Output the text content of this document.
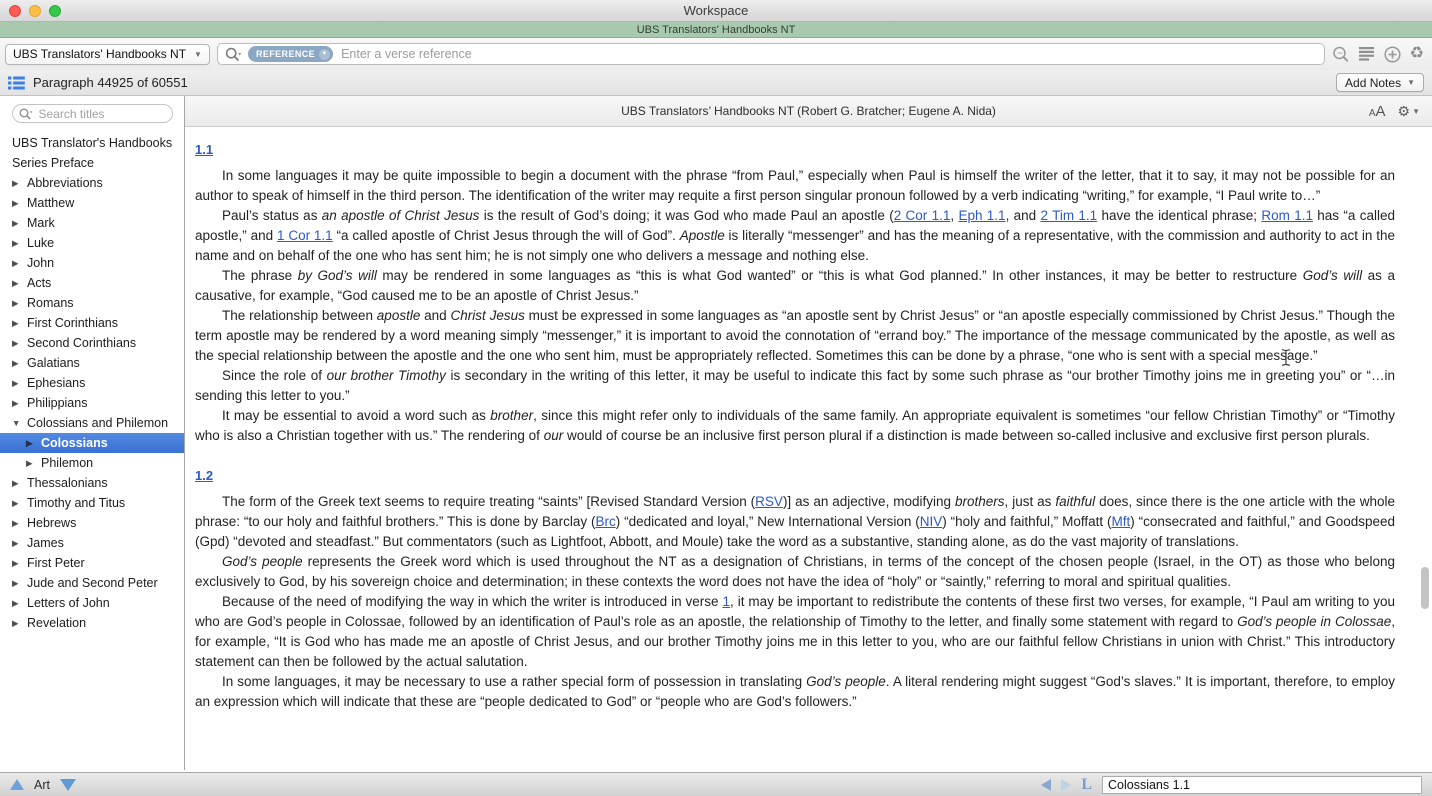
Workspace
UBS Translators' Handbooks NT
UBS Translators' Handbooks NT ▼	REFERENCE	▼
Enter a verse reference	~	♻
Paragraph 44925 of 60551	Add Notes ▼
Search titles
UBS Translator's Handbooks
Series Preface
▶ Abbreviations
▶ Matthew
▶ Mark
▶ Luke
▶ John
▶ Acts
▶ Romans
▶ First Corinthians
▶ Second Corinthians
▶ Galatians
▶ Ephesians
▶ Philippians
▼ Colossians and Philemon
▶ Colossians
▶ Philemon
▶ Thessalonians
▶ Timothy and Titus
▶ Hebrews
▶ James
▶ First Peter
▶ Jude and Second Peter
▶ Letters of John
▶ Revelation
UBS Translators’ Handbooks NT (Robert G. Bratcher; Eugene A. Nida)	AA ⚙ ▼
1.1

In some languages it may be quite impossible to begin a document with the phrase “from Paul,” especially when Paul is himself the writer of the letter, that it to say, it may not be possible for an author to speak of himself in the third person. The identification of the writer may requite a first person singular pronoun followed by a verb indicating “writing,” for example, “I Paul write to…”

Paul’s status as an apostle of Christ Jesus is the result of God’s doing; it was God who made Paul an apostle (2 Cor 1.1, Eph 1.1, and 2 Tim 1.1 have the identical phrase; Rom 1.1 has “a called apostle,” and 1 Cor 1.1 “a called apostle of Christ Jesus through the will of God”. Apostle is literally “messenger” and has the meaning of a representative, with the commission and authority to act in the name and on behalf of the one who has sent him; he is not simply one who delivers a message and nothing else.

The phrase by God’s will may be rendered in some languages as “this is what God wanted” or “this is what God planned.” In other instances, it may be better to restructure God’s will as a causative, for example, “God caused me to be an apostle of Christ Jesus.”

The relationship between apostle and Christ Jesus must be expressed in some languages as “an apostle sent by Christ Jesus” or “an apostle especially commissioned by Christ Jesus.” Though the term apostle may be rendered by a word meaning simply “messenger,” it is important to avoid the connotation of “errand boy.” The importance of the message communicated by the apostle, as well as the special relationship between the apostle and the one who sent him, must be appropriately reflected. Sometimes this can be done by a phrase, “one who is sent with a special message.”

Since the role of our brother Timothy is secondary in the writing of this letter, it may be useful to indicate this fact by some such phrase as “our brother Timothy joins me in greeting you” or “…in sending this letter to you.”

It may be essential to avoid a word such as brother, since this might refer only to individuals of the same family. An appropriate equivalent is sometimes “our fellow Christian Timothy” or “Timothy who is also a Christian together with us.” The rendering of our would of course be an inclusive first person plural if a distinction is made between so-called inclusive and exclusive first person plurals.

1.2

The form of the Greek text seems to require treating “saints” [Revised Standard Version (RSV)] as an adjective, modifying brothers, just as faithful does, since there is the one article with the whole phrase: “to our holy and faithful brothers.” This is done by Barclay (Brc) “dedicated and loyal,” New International Version (NIV) “holy and faithful,” Moffatt (Mft) “consecrated and faithful,” and Goodspeed (Gpd) “devoted and steadfast.” But commentators (such as Lightfoot, Abbott, and Moule) take the word as a substantive, standing alone, as do the vast majority of translations.

God’s people represents the Greek word which is used throughout the NT as a designation of Christians, in terms of the concept of the chosen people (Israel, in the OT) as those who belong exclusively to God, by his sovereign choice and determination; in these contexts the word does not have the idea of “holy” or “saintly,” referring to moral and spiritual qualities.

Because of the need of modifying the way in which the writer is introduced in verse 1, it may be important to redistribute the contents of these first two verses, for example, “I Paul am writing to you who are God’s people in Colossae, followed by an identification of Paul’s role as an apostle, the relationship of Timothy to the letter, and finally some statement with regard to God’s people in Colossae, for example, “It is God who has made me an apostle of Christ Jesus, and our brother Timothy joins me in this letter to you, who are our faithful fellow Christians in union with Christ.” This introductory statement can then be followed by the actual salutation.

In some languages, it may be necessary to use a rather special form of possession in translating God’s people. A literal rendering might suggest “God’s slaves.” It is important, therefore, to employ an expression which will indicate that these are “people dedicated to God” or “people who are God’s followers.”

Art	L
Colossians 1.1
